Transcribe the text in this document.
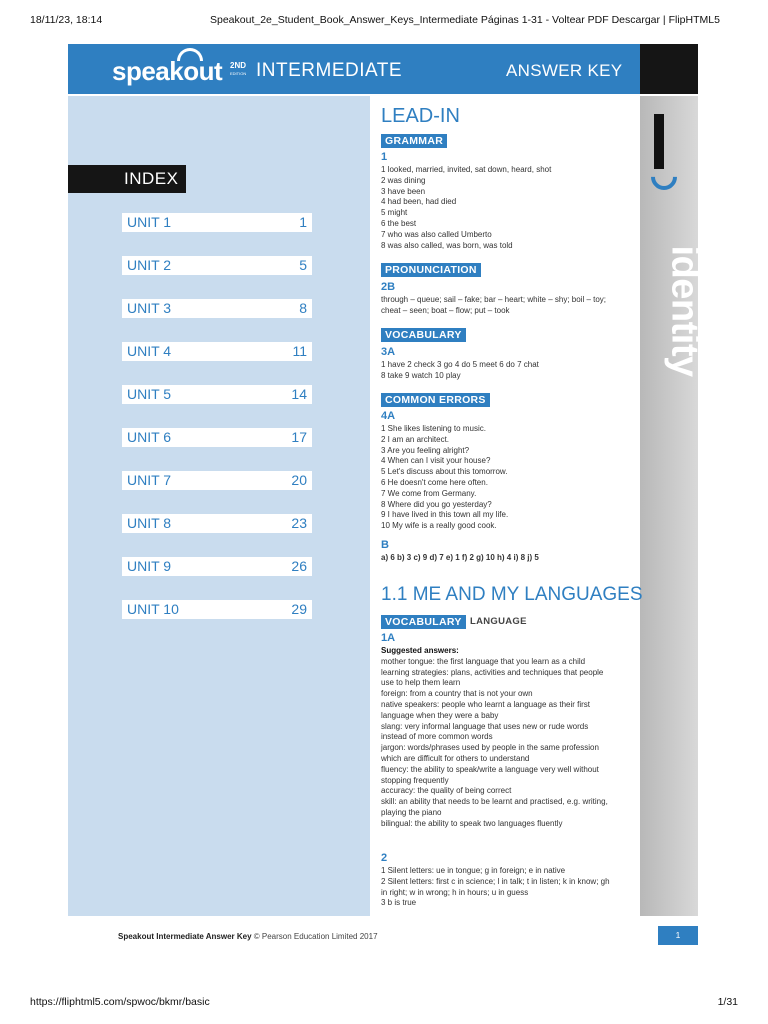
18/11/23, 18:14	Speakout_2e_Student_Book_Answer_Keys_Intermediate Páginas 1-31 - Voltear PDF Descargar | FlipHTML5
speakout 2ND
EDITION INTERMEDIATE	ANSWER KEY
INDEX
UNIT 1	1
UNIT 2	5
UNIT 3	8
UNIT 4	11
UNIT 5	14
UNIT 6	17
UNIT 7	20
UNIT 8	23
UNIT 9	26
UNIT 10	29
identity
LEAD-IN
GRAMMAR
1
1 looked, married, invited, sat down, heard, shot
2 was dining
3 have been
4 had been, had died
5 might
6 the best
7 who was also called Umberto
8 was also called, was born, was told
PRONUNCIATION
2B
through – queue; sail – fake; bar – heart; white – shy; boil – toy;
cheat – seen; boat – flow; put – took
VOCABULARY
3A
1 have 2 check 3 go 4 do 5 meet 6 do 7 chat
8 take 9 watch 10 play
COMMON ERRORS
4A
1 She likes listening to music.
2 I am an architect.
3 Are you feeling alright?
4 When can I visit your house?
5 Let's discuss about this tomorrow.
6 He doesn't come here often.
7 We come from Germany.
8 Where did you go yesterday?
9 I have lived in this town all my life.
10 My wife is a really good cook.
B
a) 6 b) 3 c) 9 d) 7 e) 1 f) 2 g) 10 h) 4 i) 8 j) 5
1.1 ME AND MY LANGUAGES
VOCABULARY LANGUAGE
1A
Suggested answers:
mother tongue: the first language that you learn as a child
learning strategies: plans, activities and techniques that people
use to help them learn
foreign: from a country that is not your own
native speakers: people who learnt a language as their first
language when they were a baby
slang: very informal language that uses new or rude words
instead of more common words
jargon: words/phrases used by people in the same profession
which are difficult for others to understand
fluency: the ability to speak/write a language very well without
stopping frequently
accuracy: the quality of being correct
skill: an ability that needs to be learnt and practised, e.g. writing,
playing the piano
bilingual: the ability to speak two languages fluently
2
1 Silent letters: ue in tongue; g in foreign; e in native
2 Silent letters: first c in science; l in talk; t in listen; k in know; gh
in right; w in wrong; h in hours; u in guess
3 b is true
Speakout Intermediate Answer Key © Pearson Education Limited 2017	1
https://fliphtml5.com/spwoc/bkmr/basic	1/31
